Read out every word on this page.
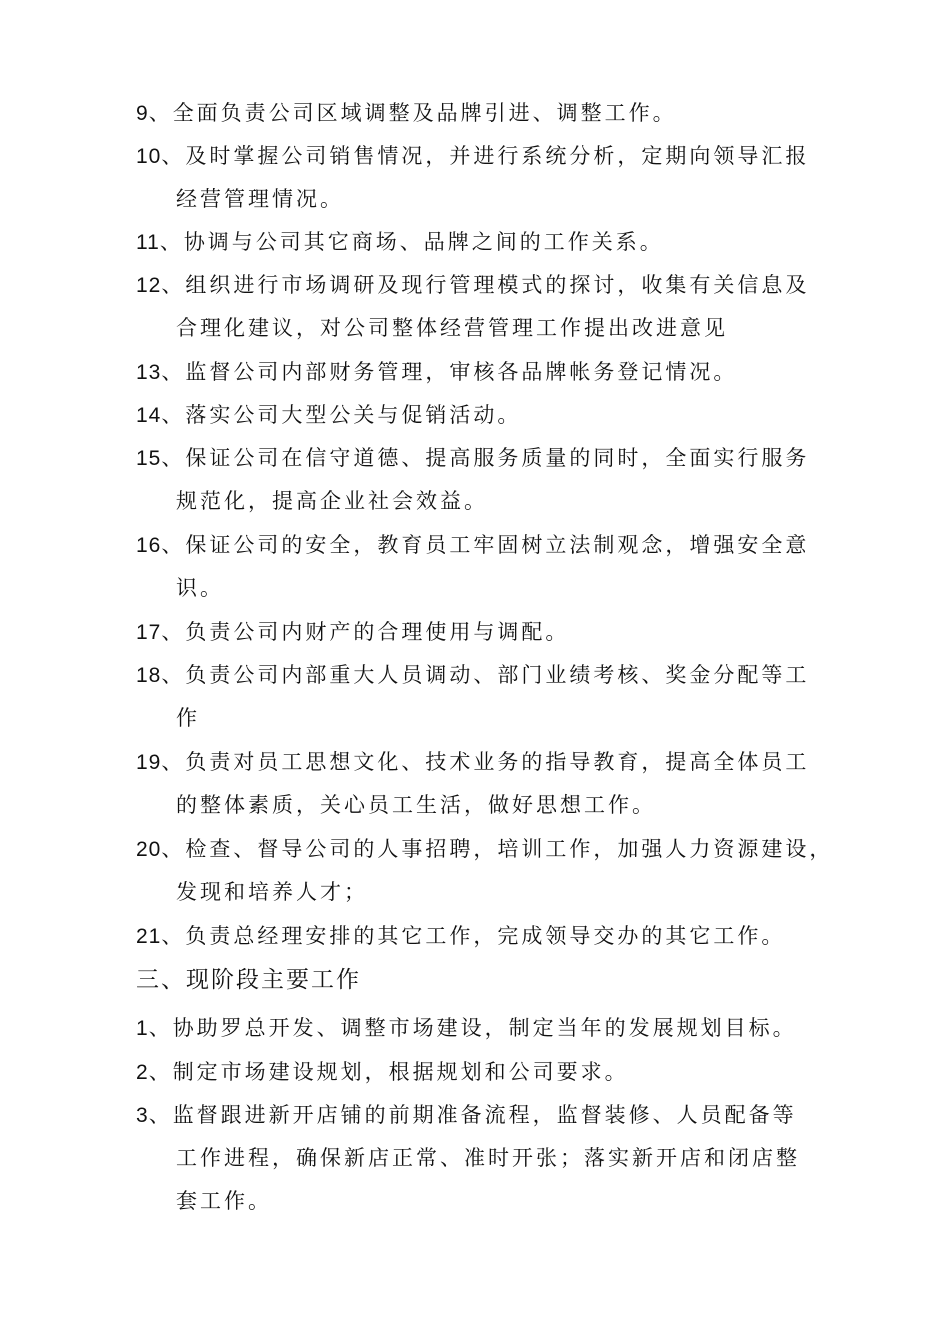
9、全面负责公司区域调整及品牌引进、调整工作。
10、及时掌握公司销售情况，并进行系统分析，定期向领导汇报
经营管理情况。
11、协调与公司其它商场、品牌之间的工作关系。
12、组织进行市场调研及现行管理模式的探讨，收集有关信息及
合理化建议，对公司整体经营管理工作提出改进意见
13、监督公司内部财务管理，审核各品牌帐务登记情况。
14、落实公司大型公关与促销活动。
15、保证公司在信守道德、提高服务质量的同时，全面实行服务
规范化，提高企业社会效益。
16、保证公司的安全，教育员工牢固树立法制观念，增强安全意
识。
17、负责公司内财产的合理使用与调配。
18、负责公司内部重大人员调动、部门业绩考核、奖金分配等工
作
19、负责对员工思想文化、技术业务的指导教育，提高全体员工
的整体素质，关心员工生活，做好思想工作。
20、检查、督导公司的人事招聘，培训工作，加强人力资源建设，
发现和培养人才；
21、负责总经理安排的其它工作，完成领导交办的其它工作。
三、现阶段主要工作
1、协助罗总开发、调整市场建设，制定当年的发展规划目标。
2、制定市场建设规划，根据规划和公司要求。
3、监督跟进新开店铺的前期准备流程，监督装修、人员配备等
工作进程，确保新店正常、准时开张；落实新开店和闭店整
套工作。
